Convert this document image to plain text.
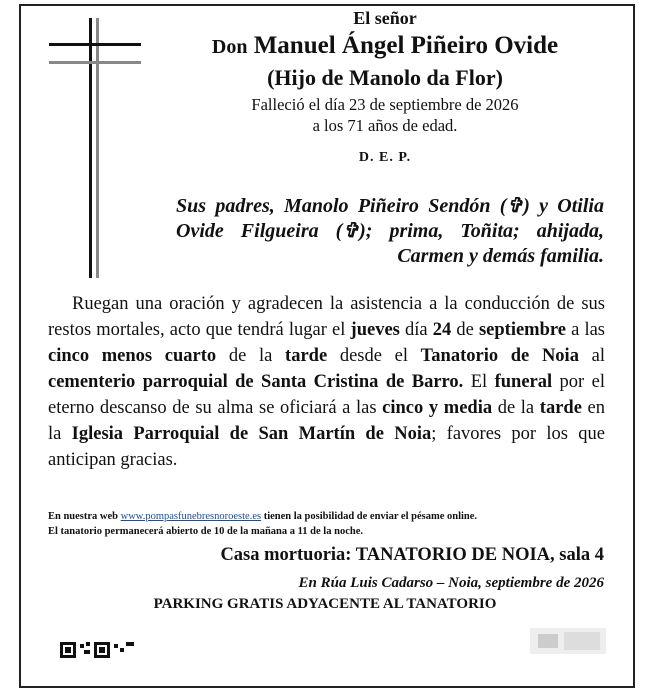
El señor
Don Manuel Ángel Piñeiro Ovide
(Hijo de Manolo da Flor)
Falleció el día 23 de septiembre de 2026
a los 71 años de edad.
D. E. P.
Sus padres, Manolo Piñeiro Sendón (✞) y Otilia Ovide Filgueira (✞); prima, Toñita; ahijada, Carmen y demás familia.
Ruegan una oración y agradecen la asistencia a la conducción de sus restos mortales, acto que tendrá lugar el jueves día 24 de septiembre a las cinco menos cuarto de la tarde desde el Tanatorio de Noia al cementerio parroquial de Santa Cristina de Barro. El funeral por el eterno descanso de su alma se oficiará a las cinco y media de la tarde en la Iglesia Parroquial de San Martín de Noia; favores por los que anticipan gracias.
En nuestra web www.pompasfunebresnoroeste.es tienen la posibilidad de enviar el pésame online.
El tanatorio permanecerá abierto de 10 de la mañana a 11 de la noche.
Casa mortuoria: TANATORIO DE NOIA, sala 4
En Rúa Luis Cadarso – Noia, septiembre de 2026
PARKING GRATIS ADYACENTE AL TANATORIO
